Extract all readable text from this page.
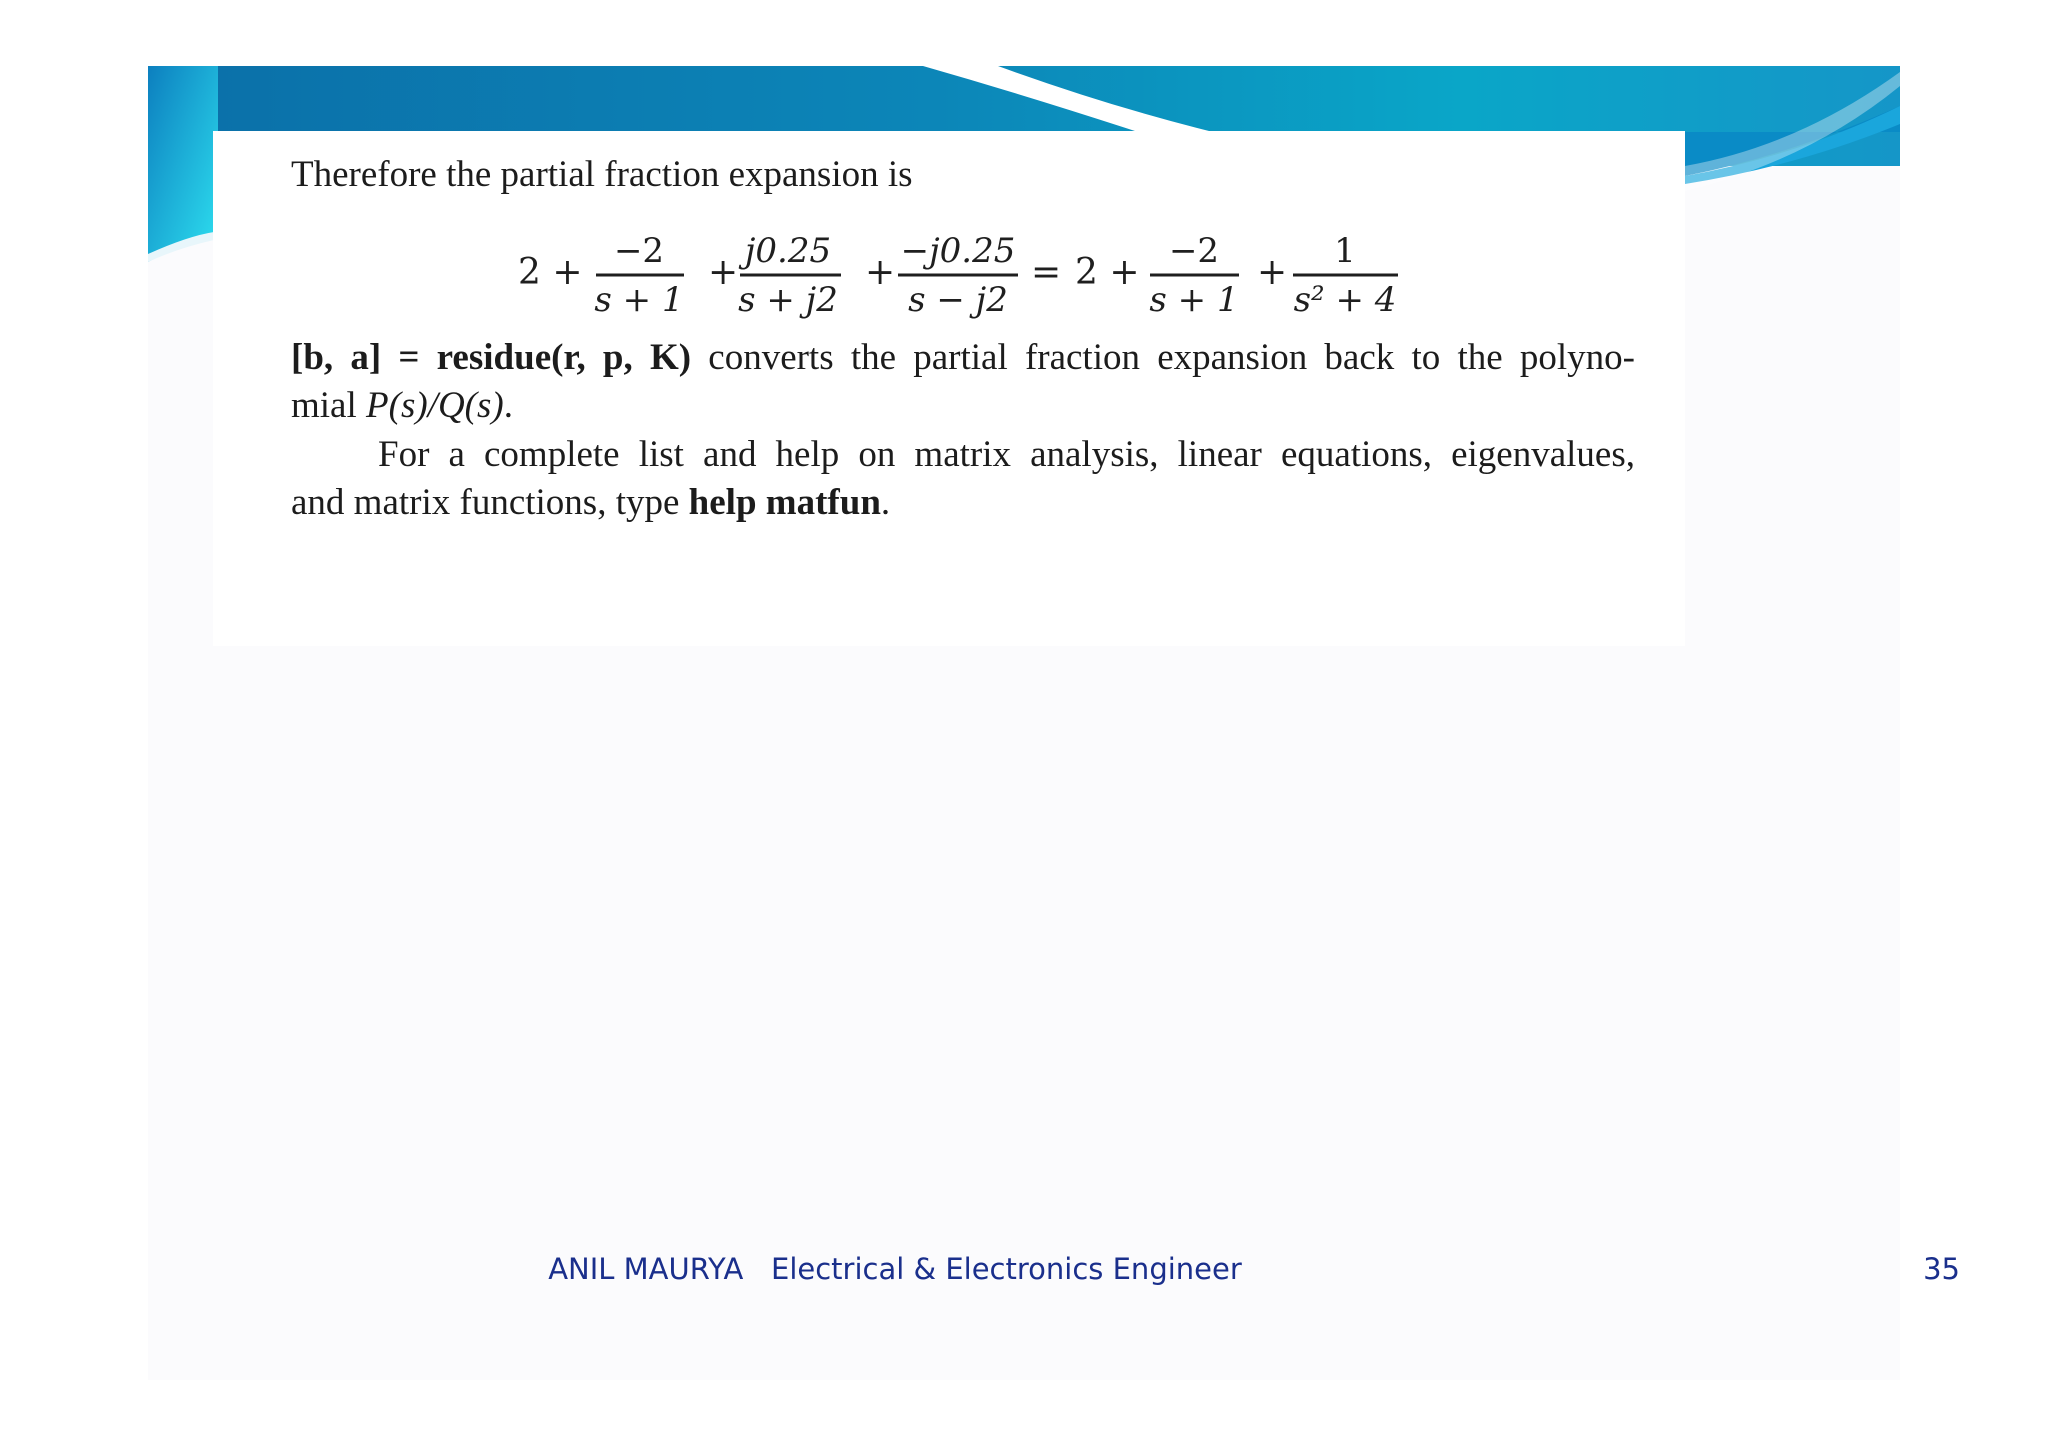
Therefore the partial fraction expansion is

2 +
−2
s + 1
+
j0.25
s + j2
+
−j0.25
s − j2
= 2 +
−2
s + 1
+
1
s² + 4

[b, a] = residue(r, p, K) converts the partial fraction expansion back to the polyno-

mial P(s)/Q(s).

For a complete list and help on matrix analysis, linear equations, eigenvalues,

and matrix functions, type help matfun.

ANIL MAURYA   Electrical & Electronics Engineer	35
